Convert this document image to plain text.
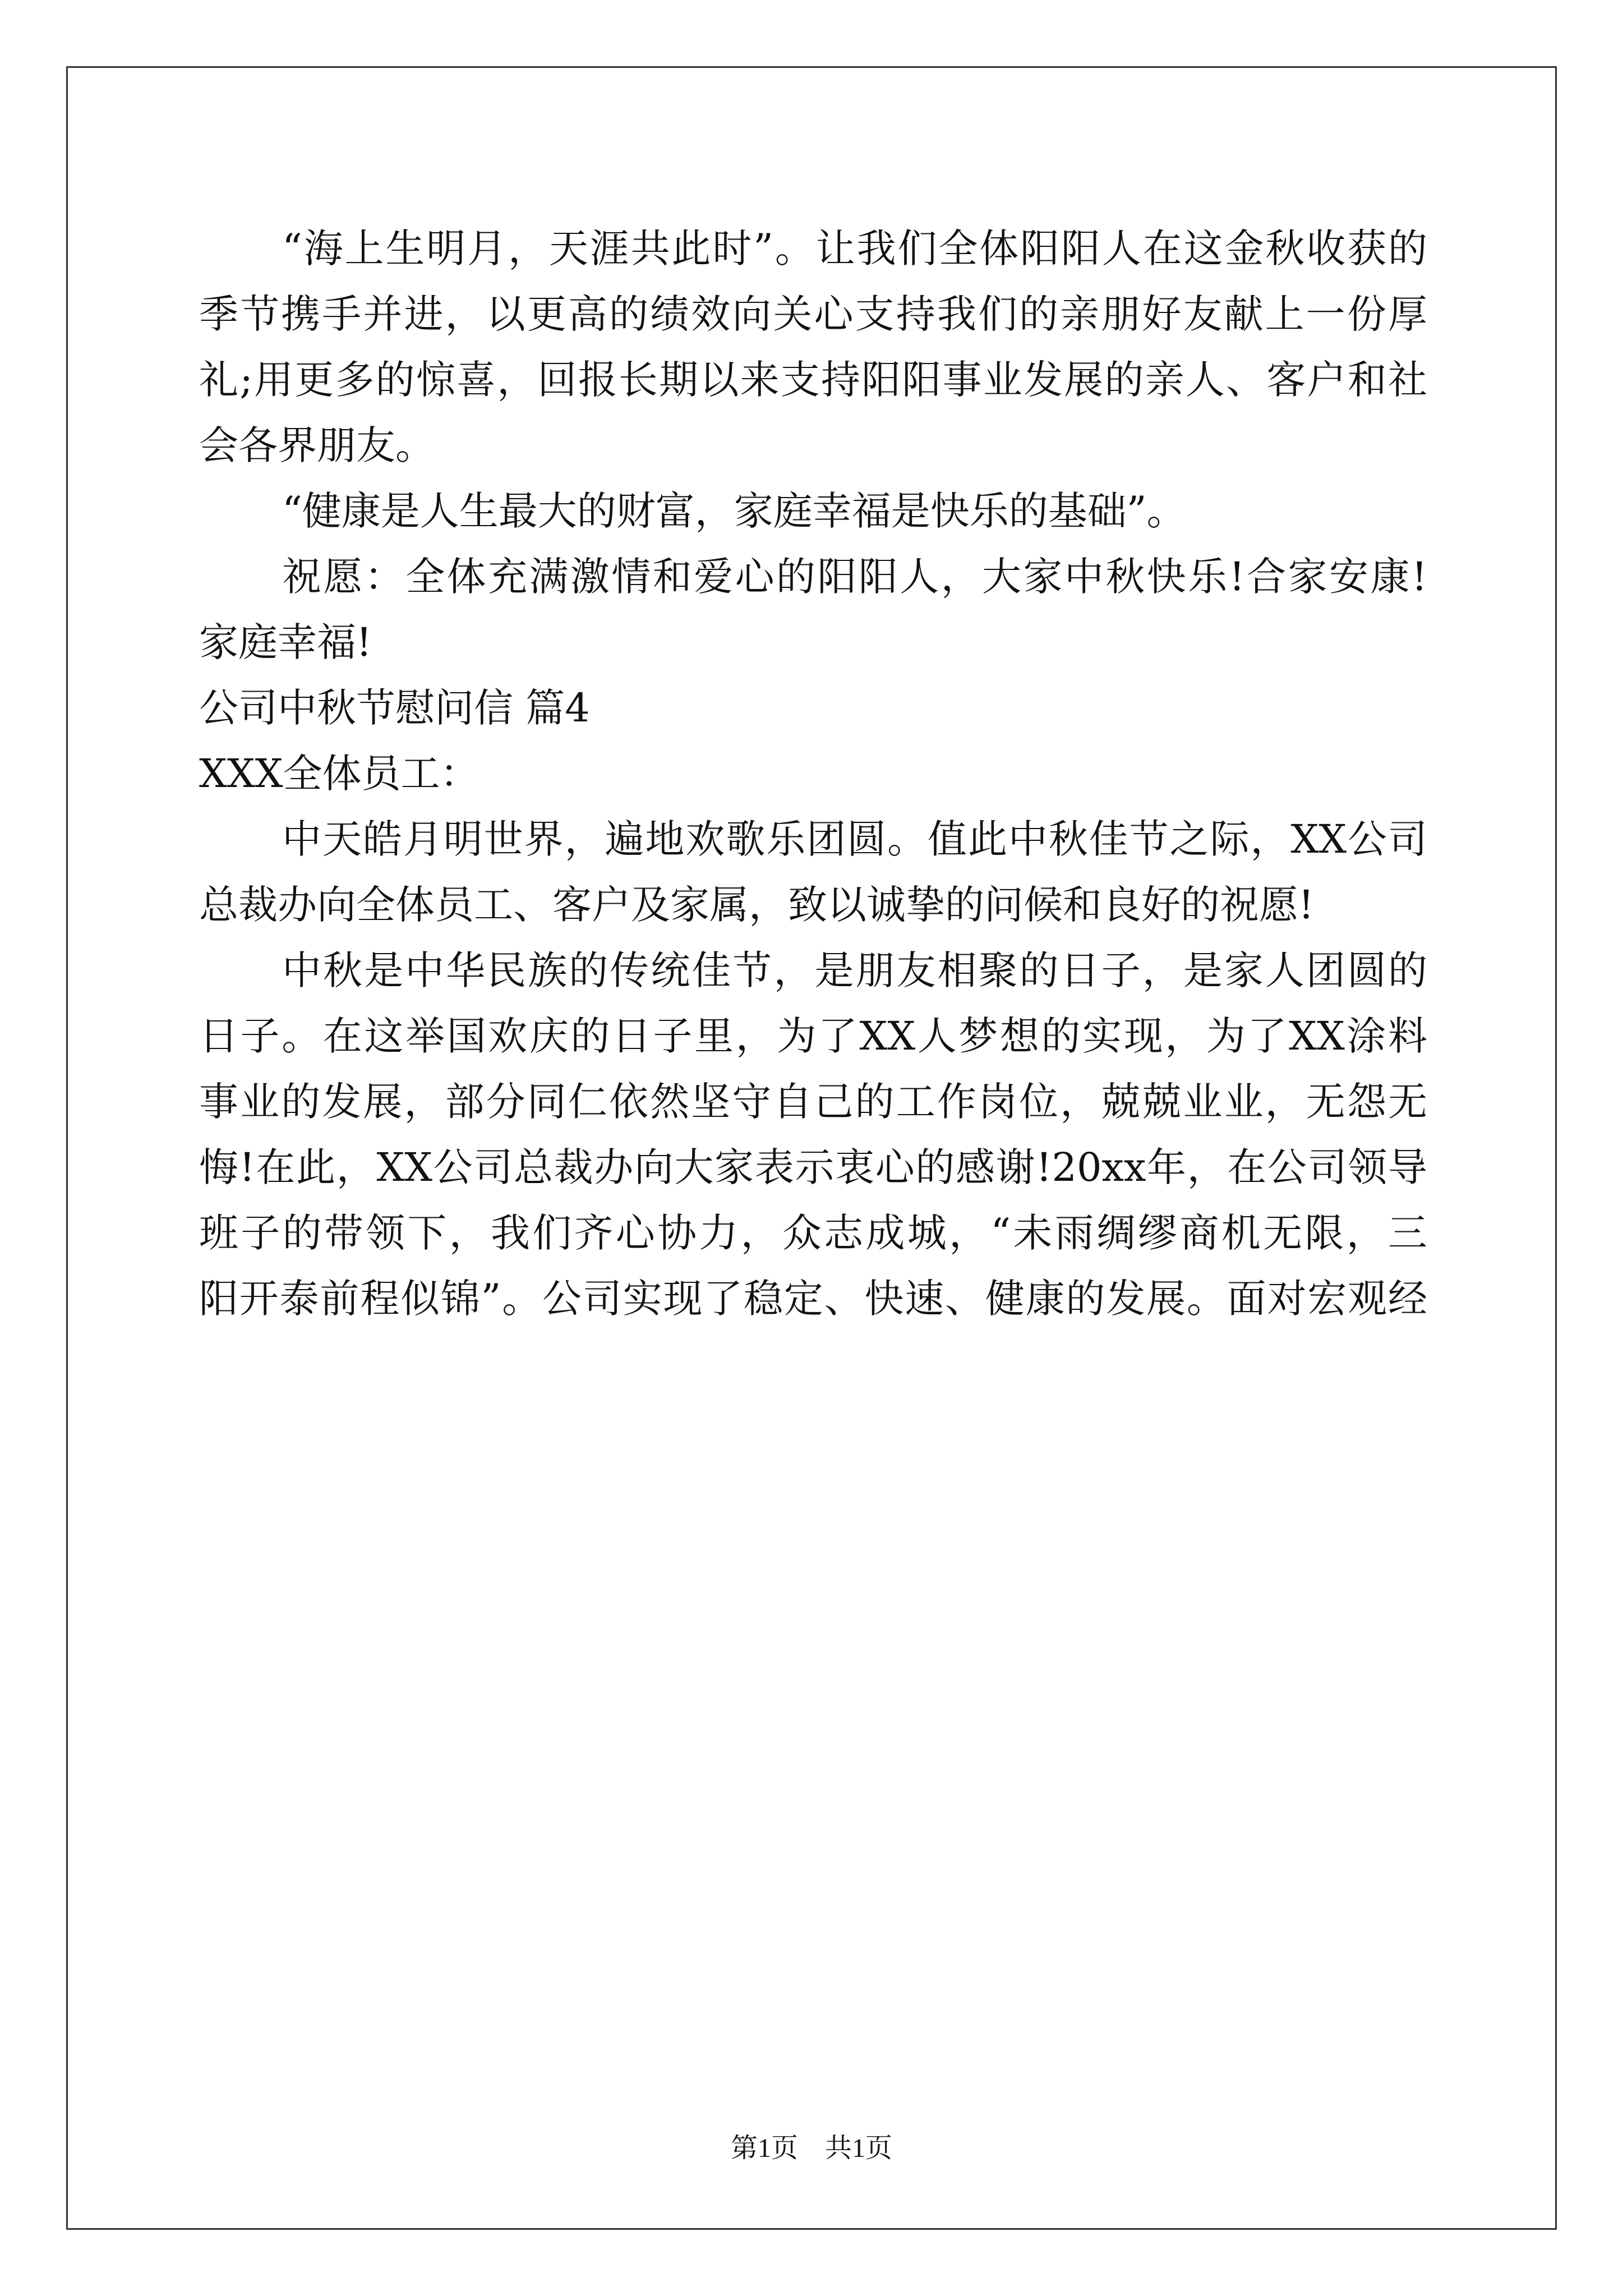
“海上生明月，天涯共此时”。让我们全体阳阳人在这金秋收获的
季节携手并进，以更高的绩效向关心支持我们的亲朋好友献上一份厚
礼;用更多的惊喜，回报长期以来支持阳阳事业发展的亲人、客户和社
会各界朋友。
“健康是人生最大的财富，家庭幸福是快乐的基础”。
祝愿：全体充满激情和爱心的阳阳人，大家中秋快乐!合家安康!
家庭幸福!
公司中秋节慰问信 篇4
XXX全体员工：
中天皓月明世界，遍地欢歌乐团圆。值此中秋佳节之际，XX公司
总裁办向全体员工、客户及家属，致以诚挚的问候和良好的祝愿!
中秋是中华民族的传统佳节，是朋友相聚的日子，是家人团圆的
日子。在这举国欢庆的日子里，为了XX人梦想的实现，为了XX涂料
事业的发展，部分同仁依然坚守自己的工作岗位，兢兢业业，无怨无
悔!在此，XX公司总裁办向大家表示衷心的感谢!20xx年，在公司领导
班子的带领下，我们齐心协力，众志成城，“未雨绸缪商机无限，三
阳开泰前程似锦”。公司实现了稳定、快速、健康的发展。面对宏观经
第1页　共1页
